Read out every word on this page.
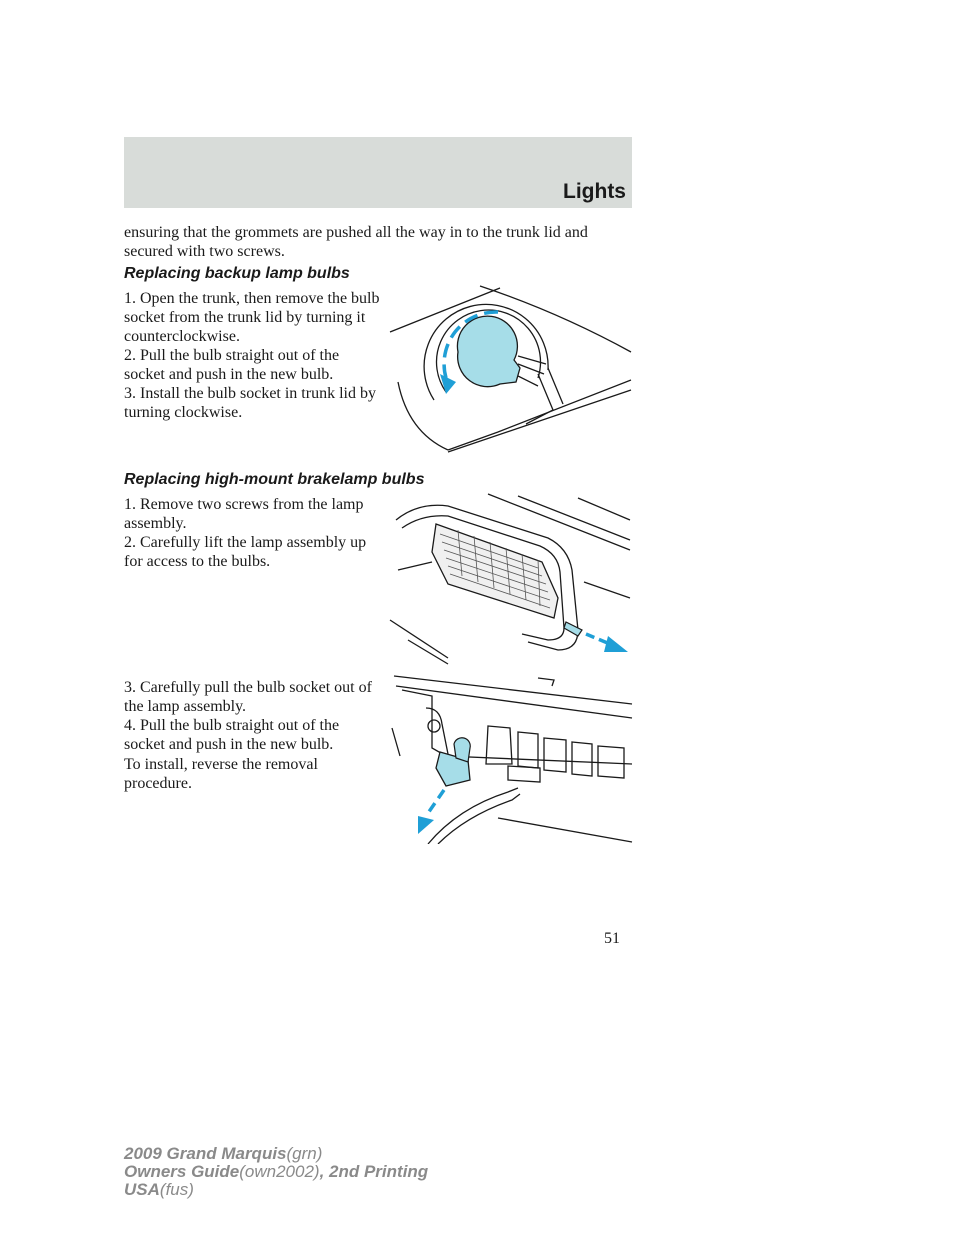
Lights

ensuring that the grommets are pushed all the way in to the trunk lid and secured with two screws.

Replacing backup lamp bulbs

1. Open the trunk, then remove the bulb socket from the trunk lid by turning it counterclockwise.

2. Pull the bulb straight out of the socket and push in the new bulb.

3. Install the bulb socket in trunk lid by turning clockwise.

Replacing high-mount brakelamp bulbs

1. Remove two screws from the lamp assembly.

2. Carefully lift the lamp assembly up for access to the bulbs.

3. Carefully pull the bulb socket out of the lamp assembly.

4. Pull the bulb straight out of the socket and push in the new bulb.

To install, reverse the removal procedure.

51
2009 Grand Marquis(grn)
Owners Guide(own2002), 2nd Printing
USA(fus)
